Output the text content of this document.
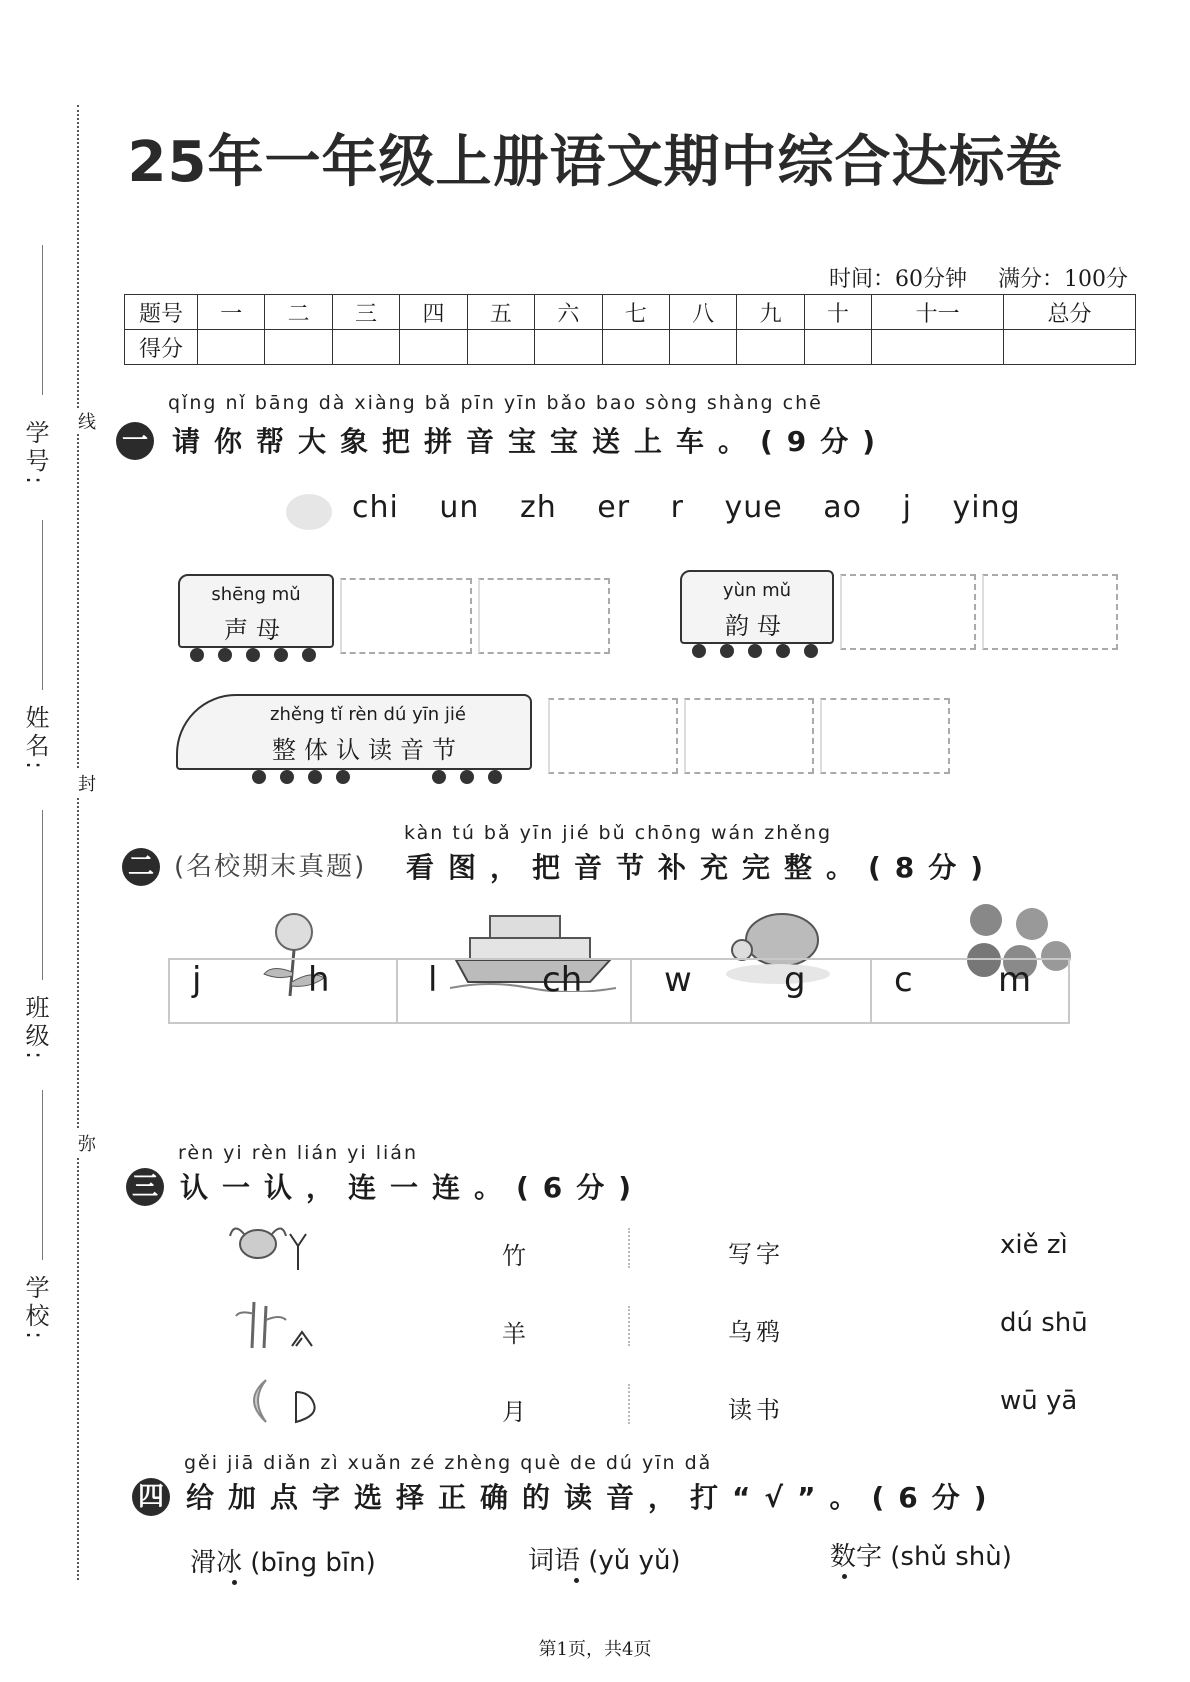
学号:
姓名:
班级:
学校:
线
封
弥
25年一年级上册语文期中综合达标卷
时间：60分钟 满分：100分
题号	一	二	三	四	五	六	七	八	九	十	十一	总分
得分												
qǐng nǐ bāng dà xiàng bǎ pīn yīn bǎo bao sòng shàng chē
一 请你帮大象把拼音宝宝送上车。(9分)
chi un zh er r yue ao j ying
shēng mǔ
声母
yùn mǔ
韵母
zhěng tǐ rèn dú yīn jié
整体认读音节
kàn tú bǎ yīn jié bǔ chōng wán zhěng
二 (名校期末真题) 看图，把音节补充完整。(8分)
j	h	l	ch w	g	c	m
rèn yi rèn lián yi lián
三 认一认，连一连。(6分)
竹
羊
月
写字
乌鸦
读书
xiě zì
dú shū
wū yā
gěi jiā diǎn zì xuǎn zé zhèng què de dú yīn dǎ
四 给加点字选择正确的读音，打“√”。(6分)
滑冰 (bīng bīn)	词语 (yǔ yǔ)	数字 (shǔ shù)
第1页，共4页
